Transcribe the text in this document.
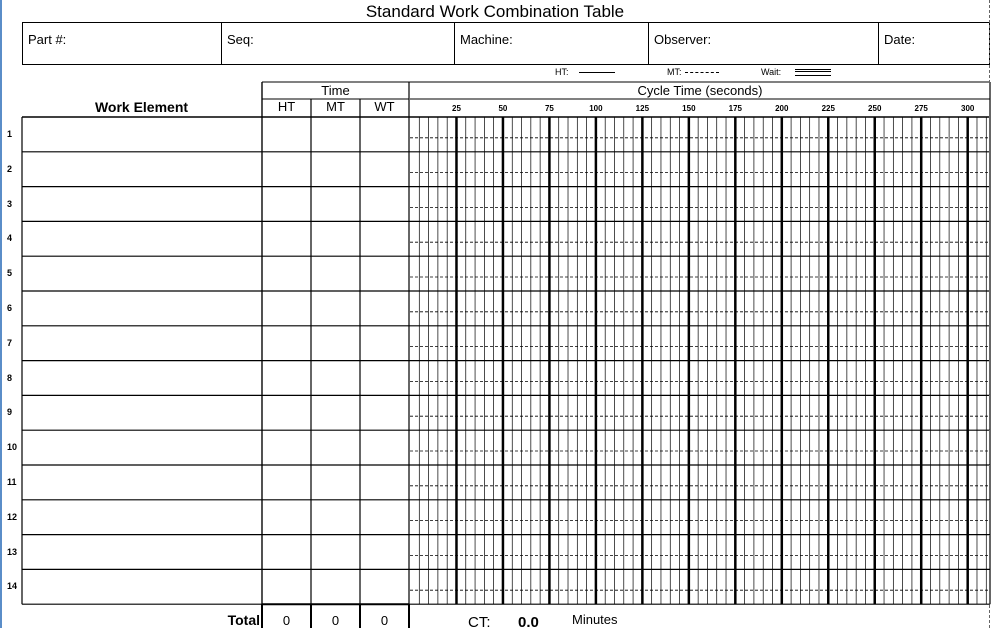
Standard Work Combination Table
Part #:	Seq:	Machine:	Observer:	Date:
HT:	MT:	Wait:
Work Element
Time
HT	MT	WT
Cycle Time (seconds)
25	50	75	100	125	150	175	200	225	250	275	300
1
2
3
4
5
6
7
8
9
10
11
12
13
14
Total	0	0	0	CT: 0.0	Minutes
